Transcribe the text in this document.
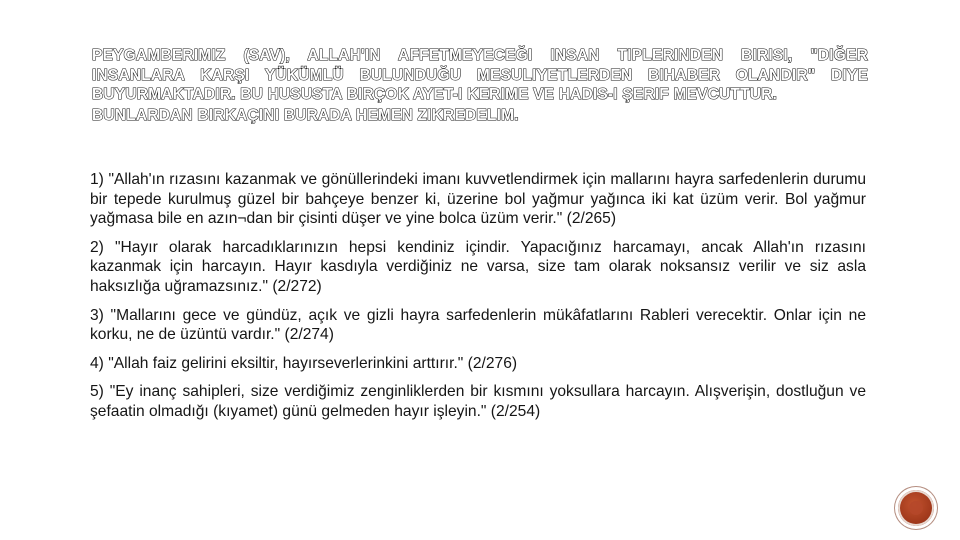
PEYGAMBERIMIZ (SAV), ALLAH'IN AFFETMEYECEĞI INSAN TIPLERINDEN BIRISI, "DIĞER INSANLARA KARŞI YÜKÜMLÜ BULUNDUĞU MESULIYETLERDEN BIHABER OLANDIR" DIYE BUYURMAKTADIR. BU HUSUSTA BIRÇOK AYET-I KERIME VE HADIS-I ŞERIF MEVCUTTUR.
BUNLARDAN BIRKAÇINI BURADA HEMEN ZIKREDELIM.

1) "Allah'ın rızasını kazanmak ve gönüllerindeki imanı kuvvetlendirmek için mallarını hayra sarfedenlerin durumu bir tepede kurulmuş güzel bir bahçeye benzer ki, üzerine bol yağmur yağınca iki kat üzüm verir. Bol yağmur yağmasa bile en azın¬dan bir çisinti düşer ve yine bolca üzüm verir." (2/265)

2) "Hayır olarak harcadıklarınızın hepsi kendiniz içindir. Yapacığınız harcamayı, ancak Allah'ın rızasını kazanmak için harcayın. Hayır kasdıyla verdiğiniz ne varsa, size tam olarak noksansız verilir ve siz asla haksızlığa uğramazsınız." (2/272)

3) "Mallarını gece ve gündüz, açık ve gizli hayra sarfedenlerin mükâfatlarını Rableri verecektir. Onlar için ne korku, ne de üzüntü vardır." (2/274)

4) "Allah faiz gelirini eksiltir, hayırseverlerinkini arttırır." (2/276)

5) "Ey inanç sahipleri, size verdiğimiz zenginliklerden bir kısmını yoksullara harcayın. Alışverişin, dostluğun ve şefaatin olmadığı (kıyamet) günü gelmeden hayır işleyin." (2/254)
